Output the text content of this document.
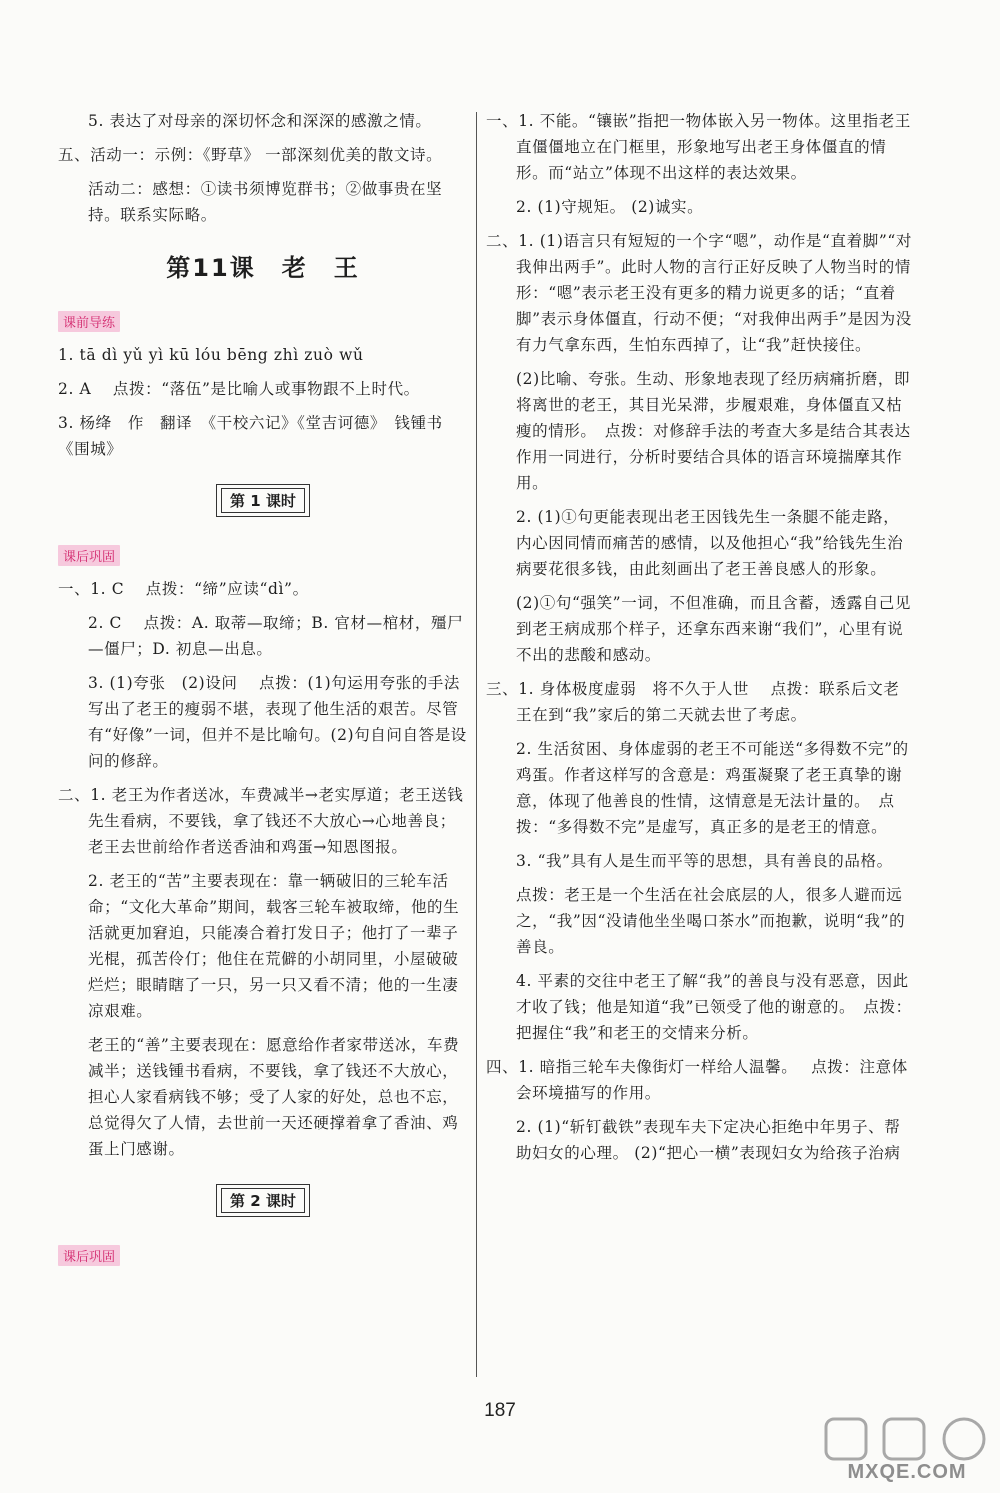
5. 表达了对母亲的深切怀念和深深的感激之情。
五、活动一：示例：《野草》 一部深刻优美的散文诗。
活动二：感想：①读书须博览群书；②做事贵在坚持。联系实际略。
第11课　老　王
课前导练
1. tā dì yǔ yì kū lóu bēng zhì zuò wǔ
2. A　 点拨：“落伍”是比喻人或事物跟不上时代。
3. 杨绛　作　翻译　《干校六记》《堂吉诃德》　钱锺书　《围城》
第 1 课时
课后巩固
一、1. C　 点拨：“缔”应读“dì”。
2. C　 点拨：A. 取蒂—取缔；B. 官材—棺材，殭尸—僵尸；D. 初息—出息。
3. (1)夸张　(2)设问　 点拨：(1)句运用夸张的手法写出了老王的瘦弱不堪，表现了他生活的艰苦。尽管有“好像”一词，但并不是比喻句。(2)句自问自答是设问的修辞。
二、1. 老王为作者送冰，车费减半→老实厚道；老王送钱先生看病，不要钱，拿了钱还不大放心→心地善良；老王去世前给作者送香油和鸡蛋→知恩图报。
2. 老王的“苦”主要表现在：靠一辆破旧的三轮车活命；“文化大革命”期间，载客三轮车被取缔，他的生活就更加窘迫，只能凑合着打发日子；他打了一辈子光棍，孤苦伶仃；他住在荒僻的小胡同里，小屋破破烂烂；眼睛瞎了一只，另一只又看不清；他的一生凄凉艰难。
老王的“善”主要表现在：愿意给作者家带送冰，车费减半；送钱锺书看病，不要钱，拿了钱还不大放心，担心人家看病钱不够；受了人家的好处，总也不忘，总觉得欠了人情，去世前一天还硬撑着拿了香油、鸡蛋上门感谢。
第 2 课时
课后巩固
一、1. 不能。“镶嵌”指把一物体嵌入另一物体。这里指老王直僵僵地立在门框里，形象地写出老王身体僵直的情形。而“站立”体现不出这样的表达效果。
2. (1)守规矩。 (2)诚实。
二、1. (1)语言只有短短的一个字“嗯”，动作是“直着脚”“对我伸出两手”。此时人物的言行正好反映了人物当时的情形：“嗯”表示老王没有更多的精力说更多的话；“直着脚”表示身体僵直，行动不便；“对我伸出两手”是因为没有力气拿东西，生怕东西掉了，让“我”赶快接住。
(2)比喻、夸张。生动、形象地表现了经历病痛折磨，即将离世的老王，其目光呆滞，步履艰难，身体僵直又枯瘦的情形。　点拨：对修辞手法的考查大多是结合其表达作用一同进行，分析时要结合具体的语言环境揣摩其作用。
2. (1)①句更能表现出老王因钱先生一条腿不能走路，内心因同情而痛苦的感情，以及他担心“我”给钱先生治病要花很多钱，由此刻画出了老王善良感人的形象。
(2)①句“强笑”一词，不但准确，而且含蓄，透露自己见到老王病成那个样子，还拿东西来谢“我们”，心里有说不出的悲酸和感动。
三、1. 身体极度虚弱　将不久于人世　 点拨：联系后文老王在到“我”家后的第二天就去世了考虑。
2. 生活贫困、身体虚弱的老王不可能送“多得数不完”的鸡蛋。作者这样写的含意是：鸡蛋凝聚了老王真挚的谢意，体现了他善良的性情，这情意是无法计量的。　点拨：“多得数不完”是虚写，真正多的是老王的情意。
3. “我”具有人是生而平等的思想，具有善良的品格。
点拨：老王是一个生活在社会底层的人，很多人避而远之，“我”因“没请他坐坐喝口茶水”而抱歉，说明“我”的善良。
4. 平素的交往中老王了解“我”的善良与没有恶意，因此才收了钱；他是知道“我”已领受了他的谢意的。　点拨：把握住“我”和老王的交情来分析。
四、1. 暗指三轮车夫像街灯一样给人温馨。　 点拨：注意体会环境描写的作用。
2. (1)“斩钉截铁”表现车夫下定决心拒绝中年男子、帮助妇女的心理。 (2)“把心一横”表现妇女为给孩子治病
187
MXQE.COM
